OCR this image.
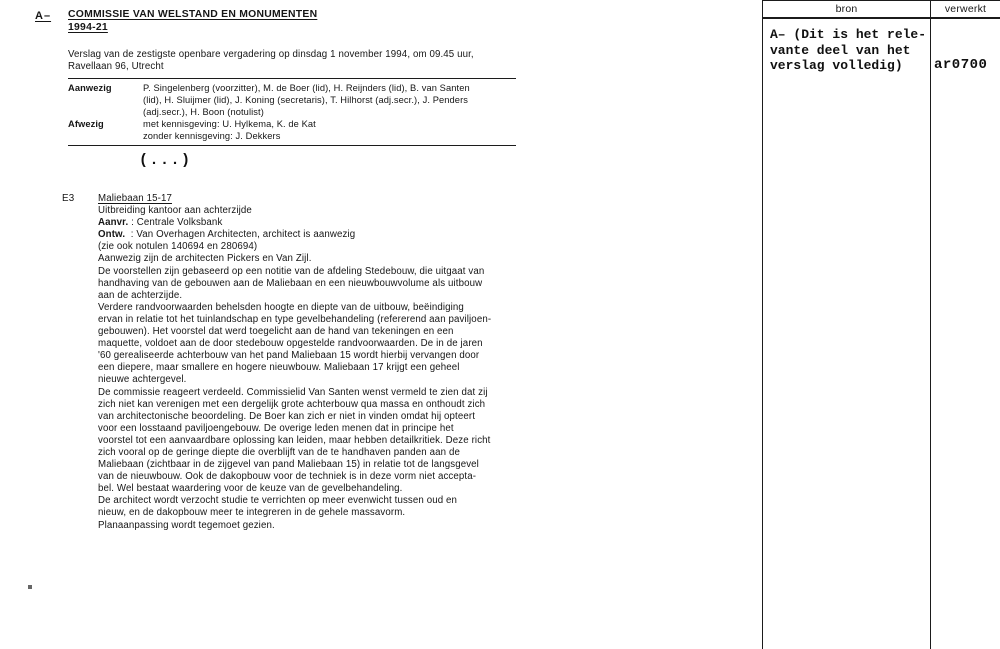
A– COMMISSIE VAN WELSTAND EN MONUMENTEN
1994-21
Verslag van de zestigste openbare vergadering op dinsdag 1 november 1994, om 09.45 uur,
Ravellaan 96, Utrecht
Aanwezig	P. Singelenberg (voorzitter), M. de Boer (lid), H. Reijnders (lid), B. van Santen
(lid), H. Sluijmer (lid), J. Koning (secretaris), T. Hilhorst (adj.secr.), J. Penders
(adj.secr.), H. Boon (notulist)
Afwezig	met kennisgeving: U. Hylkema, K. de Kat
zonder kennisgeving: J. Dekkers
(...)
E3 Maliebaan 15-17
Uitbreiding kantoor aan achterzijde
Aanvr. : Centrale Volksbank
Ontw.  : Van Overhagen Architecten, architect is aanwezig
(zie ook notulen 140694 en 280694)
Aanwezig zijn de architecten Pickers en Van Zijl.
De voorstellen zijn gebaseerd op een notitie van de afdeling Stedebouw, die uitgaat van
handhaving van de gebouwen aan de Maliebaan en een nieuwbouwvolume als uitbouw
aan de achterzijde.
Verdere randvoorwaarden behelsden hoogte en diepte van de uitbouw, beëindiging
ervan in relatie tot het tuinlandschap en type gevelbehandeling (refererend aan paviljoen-
gebouwen). Het voorstel dat werd toegelicht aan de hand van tekeningen en een
maquette, voldoet aan de door stedebouw opgestelde randvoorwaarden. De in de jaren
'60 gerealiseerde achterbouw van het pand Maliebaan 15 wordt hierbij vervangen door
een diepere, maar smallere en hogere nieuwbouw. Maliebaan 17 krijgt een geheel
nieuwe achtergevel.
De commissie reageert verdeeld. Commissielid Van Santen wenst vermeld te zien dat zij
zich niet kan verenigen met een dergelijk grote achterbouw qua massa en onthoudt zich
van architectonische beoordeling. De Boer kan zich er niet in vinden omdat hij opteert
voor een losstaand paviljoengebouw. De overige leden menen dat in principe het
voorstel tot een aanvaardbare oplossing kan leiden, maar hebben detailkritiek. Deze richt
zich vooral op de geringe diepte die overblijft van de te handhaven panden aan de
Maliebaan (zichtbaar in de zijgevel van pand Maliebaan 15) in relatie tot de langsgevel
van de nieuwbouw. Ook de dakopbouw voor de techniek is in deze vorm niet accepta-
bel. Wel bestaat waardering voor de keuze van de gevelbehandeling.
De architect wordt verzocht studie te verrichten op meer evenwicht tussen oud en
nieuw, en de dakopbouw meer te integreren in de gehele massavorm.
Planaanpassing wordt tegemoet gezien.
bron	verwerkt
A– (Dit is het rele-
vante deel van het
verslag volledig)	ar0700
